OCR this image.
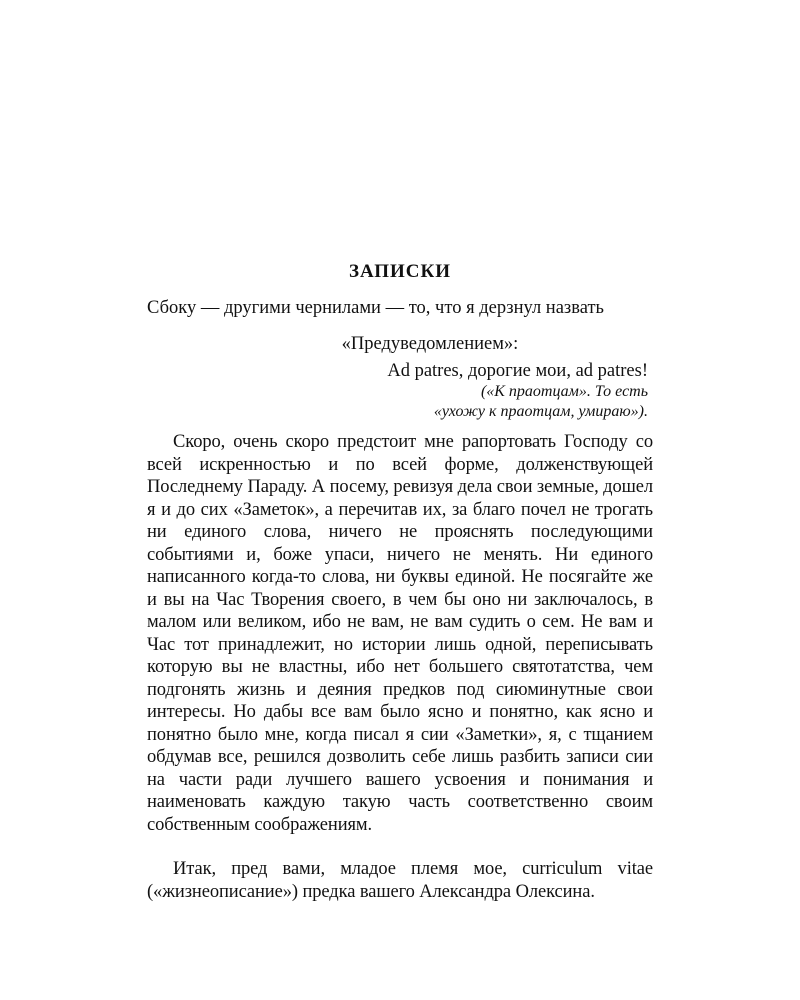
ЗАПИСКИ

Сбоку — другими чернилами — то, что я дерзнул назвать

«Предуведомлением»:

Ad patres, дорогие мои, ad patres!
(«К праотцам». То есть
«ухожу к праотцам, умираю»).

Скоро, очень скоро предстоит мне рапортовать Господу со всей искренностью и по всей форме, долженствующей Последнему Параду. А посему, ревизуя дела свои земные, дошел я и до сих «Заметок», а перечитав их, за благо почел не трогать ни единого слова, ничего не прояснять последующими событиями и, боже упаси, ничего не менять. Ни единого написанного когда-то слова, ни буквы единой. Не посягайте же и вы на Час Творения своего, в чем бы оно ни заключалось, в малом или великом, ибо не вам, не вам судить о сем. Не вам и Час тот принадлежит, но истории лишь одной, переписывать которую вы не властны, ибо нет большего святотатства, чем подгонять жизнь и деяния предков под сиюминутные свои интересы. Но дабы все вам было ясно и понятно, как ясно и понятно было мне, когда писал я сии «Заметки», я, с тщанием обдумав все, решился дозволить себе лишь разбить записи сии на части ради лучшего вашего усвоения и понимания и наименовать каждую такую часть соответственно своим собственным соображениям.

Итак, пред вами, младое племя мое, curriculum vitae («жизнеописание») предка вашего Александра Олексина.
